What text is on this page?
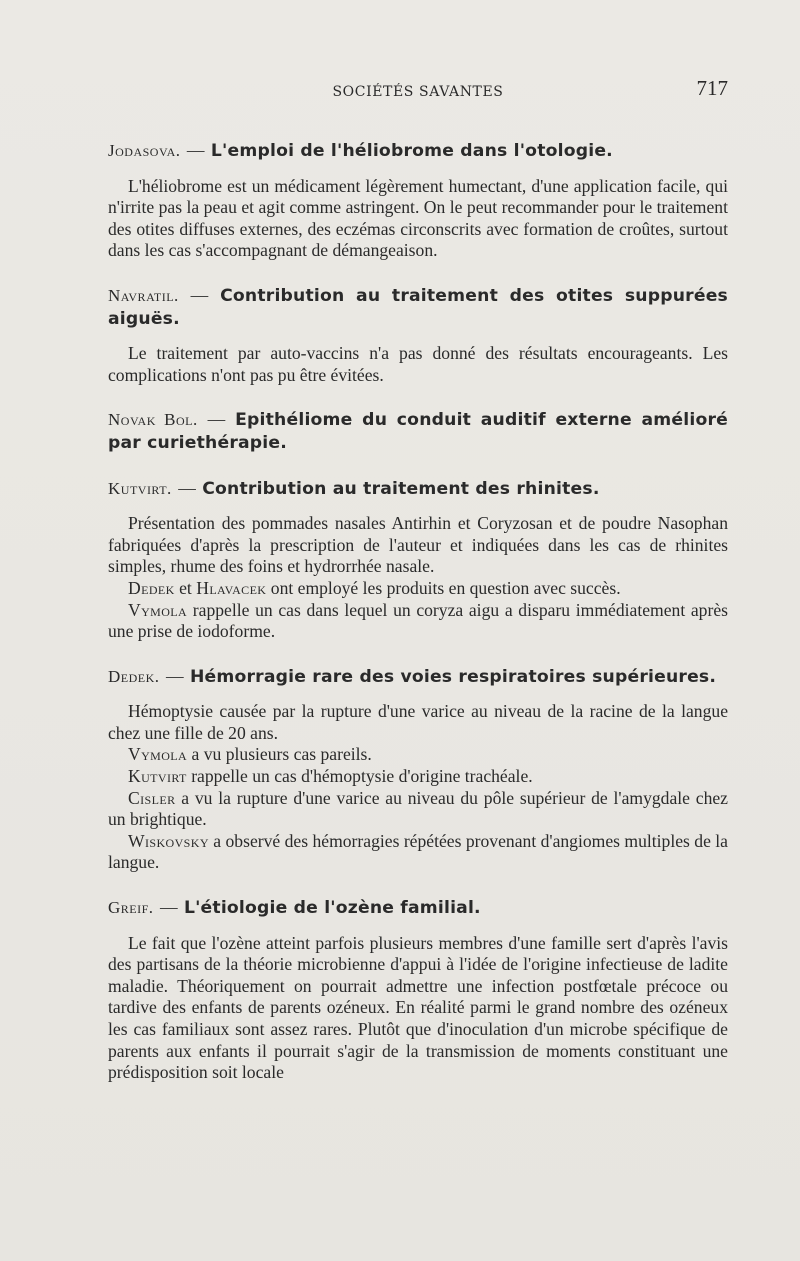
SOCIÉTÉS SAVANTES	717

Jodasova. — L'emploi de l'héliobrome dans l'otologie.

L'héliobrome est un médicament légèrement humectant, d'une application facile, qui n'irrite pas la peau et agit comme astringent. On le peut recommander pour le traitement des otites diffuses externes, des eczémas circonscrits avec formation de croûtes, surtout dans les cas s'accompagnant de démangeaison.

Navratil. — Contribution au traitement des otites suppurées aiguës.

Le traitement par auto-vaccins n'a pas donné des résultats encourageants. Les complications n'ont pas pu être évitées.

Novak Bol. — Epithéliome du conduit auditif externe amélioré par curiethérapie.

Kutvirt. — Contribution au traitement des rhinites.

Présentation des pommades nasales Antirhin et Coryzosan et de poudre Nasophan fabriquées d'après la prescription de l'auteur et indiquées dans les cas de rhinites simples, rhume des foins et hydrorrhée nasale.

Dedek et Hlavacek ont employé les produits en question avec succès.

Vymola rappelle un cas dans lequel un coryza aigu a disparu immédiatement après une prise de iodoforme.

Dedek. — Hémorragie rare des voies respiratoires supérieures.

Hémoptysie causée par la rupture d'une varice au niveau de la racine de la langue chez une fille de 20 ans.

Vymola a vu plusieurs cas pareils.

Kutvirt rappelle un cas d'hémoptysie d'origine trachéale.

Cisler a vu la rupture d'une varice au niveau du pôle supérieur de l'amygdale chez un brightique.

Wiskovsky a observé des hémorragies répétées provenant d'angiomes multiples de la langue.

Greif. — L'étiologie de l'ozène familial.

Le fait que l'ozène atteint parfois plusieurs membres d'une famille sert d'après l'avis des partisans de la théorie microbienne d'appui à l'idée de l'origine infectieuse de ladite maladie. Théoriquement on pourrait admettre une infection postfœtale précoce ou tardive des enfants de parents ozéneux. En réalité parmi le grand nombre des ozéneux les cas familiaux sont assez rares. Plutôt que d'inoculation d'un microbe spécifique de parents aux enfants il pourrait s'agir de la transmission de moments constituant une prédisposition soit locale
